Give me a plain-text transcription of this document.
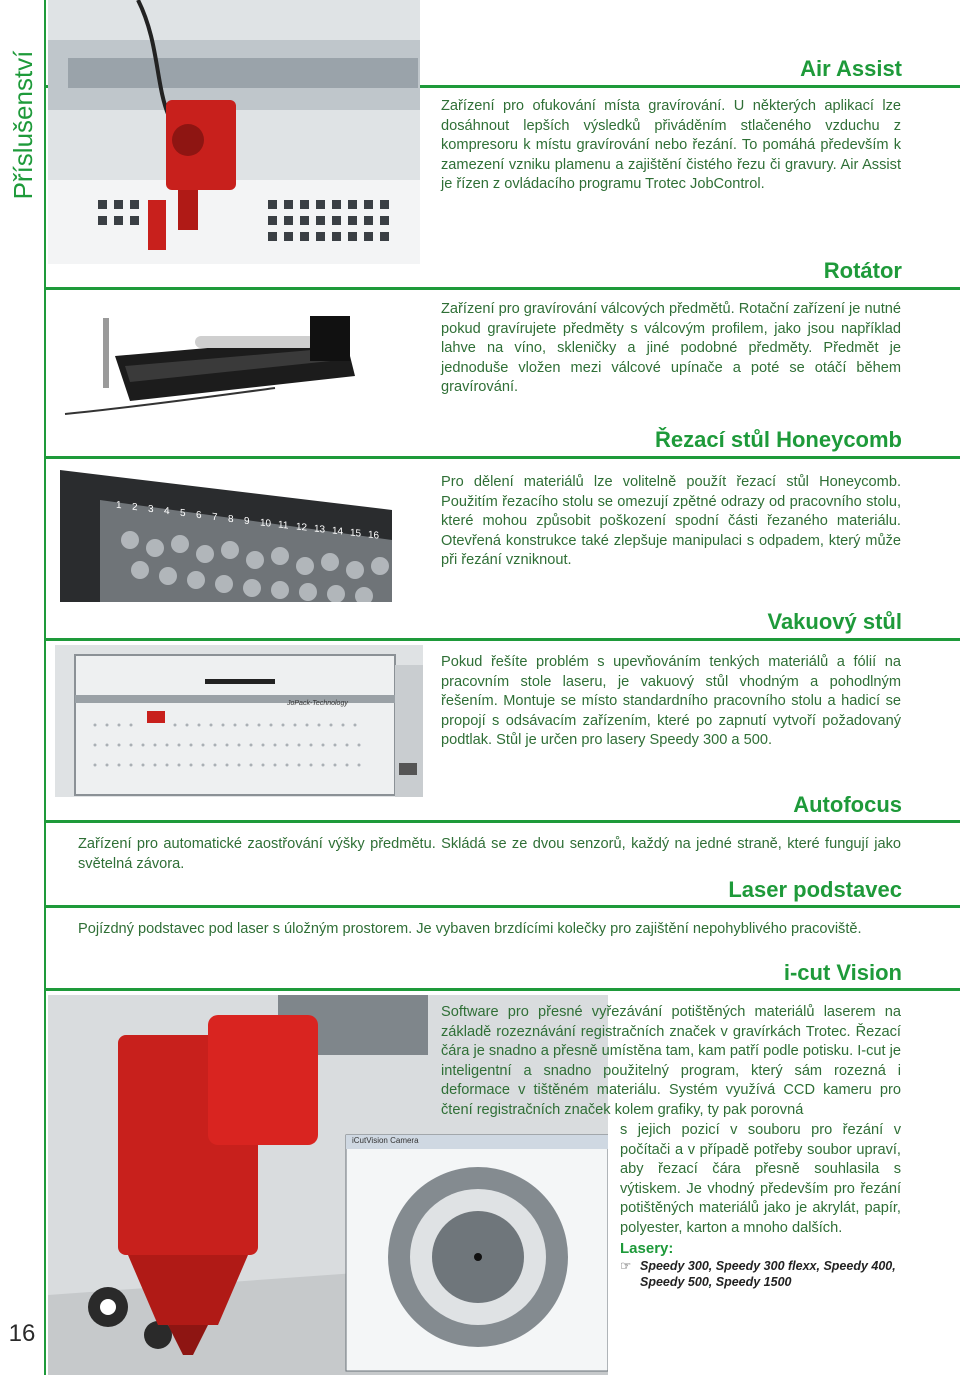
Příslušenství
16
Air Assist
Zařízení pro ofukování místa gravírování. U některých aplikací lze dosáhnout lepších výsledků přiváděním stlačeného vzduchu z kompresoru k místu gravírování nebo řezání. To pomáhá především k zamezení vzniku plamenu a zajištění čistého řezu či gravury. Air Assist je řízen z ovládacího programu Trotec JobControl.
Rotátor
Zařízení pro gravírování válcových předmětů. Rotační zařízení je nutné pokud gravírujete předměty s válcovým profilem, jako jsou například lahve na víno, skleničky a jiné podobné předměty. Předmět je jednoduše vložen mezi válcové upínače a poté se otáčí během gravírování.
Řezací stůl Honeycomb
1 2 3 4 5 6 7 8 9 10 11 12 13 14 15 16
Pro dělení materiálů lze volitelně použít řezací stůl Honeycomb. Použitím řezacího stolu se omezují zpětné odrazy od pracovního stolu, které mohou způsobit poškození spodní části řezaného materiálu. Otevřená konstrukce také zlepšuje manipulaci s odpadem, který může při řezání vzniknout.
Vakuový stůl
JoPack-Technology
Pokud řešíte problém s upevňováním tenkých materiálů a fólií na pracovním stole laseru, je vakuový stůl vhodným a pohodlným řešením. Montuje se místo standardního pracovního stolu a hadicí se propojí s odsávacím zařízením, které po zapnutí vytvoří požadovaný podtlak. Stůl je určen pro lasery Speedy 300 a 500.
Autofocus
Zařízení pro automatické zaostřování výšky předmětu. Skládá se ze dvou senzorů, každý na jedné straně, které fungují jako světelná závora.
Laser podstavec
Pojízdný podstavec pod laser s úložným prostorem. Je vybaven brzdícími kolečky pro zajištění nepohyblivého pracoviště.
i-cut Vision
iCutVision Camera
Software pro přesné vyřezávání potištěných materiálů laserem na základě rozeznávání registračních značek v gravírkách Trotec. Řezací čára je snadno a přesně umístěna tam, kam patří podle potisku. I-cut je inteligentní a snadno použitelný program, který sám rozezná i deformace v tištěném materiálu. Systém využívá CCD kameru pro čtení registračních značek kolem grafiky, ty pak porovná
s jejich pozicí v souboru pro řezání v počítači a v případě potřeby soubor upraví, aby řezací čára přesně souhlasila s výtiskem. Je vhodný především pro řezání potištěných materiálů jako je akrylát, papír, polyester, karton a mnoho dalších.
Lasery:
☞ Speedy 300, Speedy 300 flexx, Speedy 400, Speedy 500, Speedy 1500
